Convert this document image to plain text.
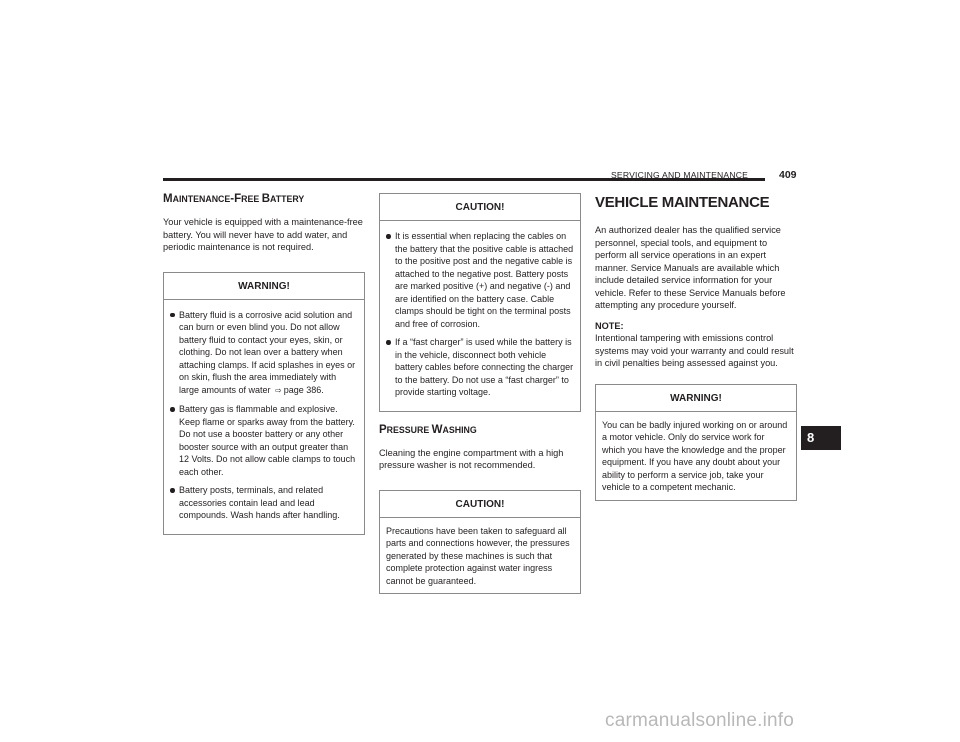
SERVICING AND MAINTENANCE	409
MAINTENANCE-FREE BATTERY

Your vehicle is equipped with a maintenance-free battery. You will never have to add water, and periodic maintenance is not required.

WARNING!
Battery fluid is a corrosive acid solution and can burn or even blind you. Do not allow battery fluid to contact your eyes, skin, or clothing. Do not lean over a battery when attaching clamps. If acid splashes in eyes or on skin, flush the area immediately with large amounts of water ⇨ page 386.
Battery gas is flammable and explosive. Keep flame or sparks away from the battery. Do not use a booster battery or any other booster source with an output greater than 12 Volts. Do not allow cable clamps to touch each other.
Battery posts, terminals, and related accessories contain lead and lead compounds. Wash hands after handling.
CAUTION!
It is essential when replacing the cables on the battery that the positive cable is attached to the positive post and the negative cable is attached to the negative post. Battery posts are marked positive (+) and negative (-) and are identified on the battery case. Cable clamps should be tight on the terminal posts and free of corrosion.
If a “fast charger” is used while the battery is in the vehicle, disconnect both vehicle battery cables before connecting the charger to the battery. Do not use a “fast charger” to provide starting voltage.
PRESSURE WASHING

Cleaning the engine compartment with a high pressure washer is not recommended.

CAUTION!

Precautions have been taken to safeguard all parts and connections however, the pressures generated by these machines is such that complete protection against water ingress cannot be guaranteed.

VEHICLE MAINTENANCE

An authorized dealer has the qualified service personnel, special tools, and equipment to perform all service operations in an expert manner. Service Manuals are available which include detailed service information for your vehicle. Refer to these Service Manuals before attempting any procedure yourself.

NOTE:

Intentional tampering with emissions control systems may void your warranty and could result in civil penalties being assessed against you.

WARNING!

You can be badly injured working on or around a motor vehicle. Only do service work for which you have the knowledge and the proper equipment. If you have any doubt about your ability to perform a service job, take your vehicle to a competent mechanic.

8
carmanualsonline.info
